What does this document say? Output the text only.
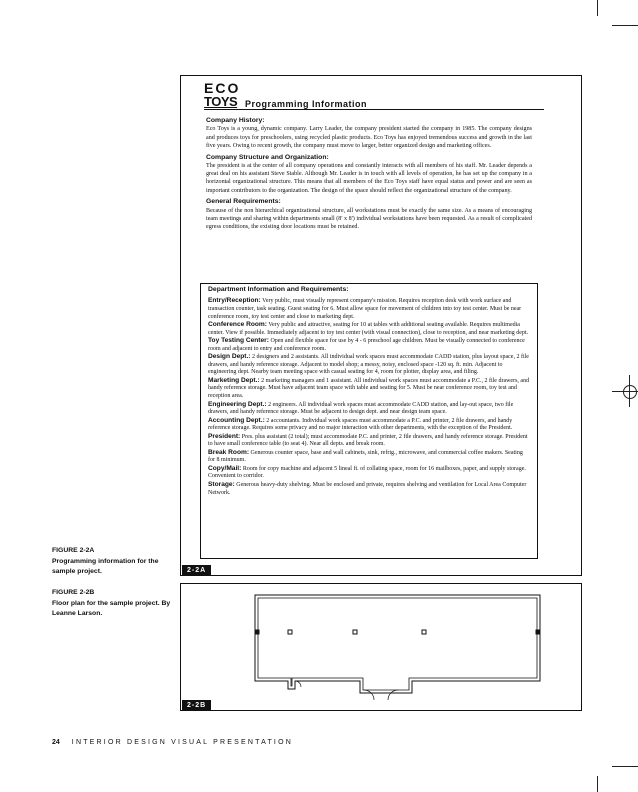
ECO
TOYS Programming Information
Company History:

Eco Toys is a young, dynamic company. Larry Leader, the company president started the company in 1985. The company designs and produces toys for preschoolers, using recycled plastic products. Eco Toys has enjoyed tremendous success and growth in the last five years. Owing to recent growth, the company must move to larger, better organized design and marketing offices.

Company Structure and Organization:

The president is at the center of all company operations and constantly interacts with all members of his staff. Mr. Leader depends a great deal on his assistant Steve Stable. Although Mr. Leader is in touch with all levels of operation, he has set up the company in a horizontal organizational structure. This means that all members of the Eco Toys staff have equal status and power and are seen as important contributors to the organization. The design of the space should reflect the organizational structure of the company.

General Requirements:

Because of the non hierarchical organizational structure, all workstations must be exactly the same size. As a means of encouraging team meetings and sharing within departments small (8' x 8') individual workstations have been requested. As a result of complicated egress conditions, the existing door locations must be retained.

Department Information and Requirements:

Entry/Reception: Very public, must visually represent company's mission. Requires reception desk with work surface and transaction counter, task seating. Guest seating for 6. Must allow space for movement of children into toy test center. Must be near conference room, toy test center and close to marketing dept.

Conference Room: Very public and attractive, seating for 10 at tables with additional seating available. Requires multimedia center. View if possible. Immediately adjacent to toy test center (with visual connection), close to reception, and near marketing dept.

Toy Testing Center: Open and flexible space for use by 4 - 6 preschool age children. Must be visually connected to conference room and adjacent to entry and conference room.

Design Dept.: 2 designers and 2 assistants. All individual work spaces must accommodate CADD station, plus layout space, 2 file drawers, and handy reference storage. Adjacent to model shop; a messy, noisy, enclosed space -120 sq. ft. min. Adjacent to engineering dept. Nearby team meeting space with casual seating for 4, room for plotter, display area, and filing.

Marketing Dept.: 2 marketing managers and 1 assistant. All individual work spaces must accommodate a P.C., 2 file drawers, and handy reference storage. Must have adjacent team space with table and seating for 5. Must be near conference room, toy test and reception area.

Engineering Dept.: 2 engineers. All individual work spaces must accommodate CADD station, and lay-out space, two file drawers, and handy reference storage. Must be adjacent to design dept. and near design team space.

Accounting Dept.: 2 accountants. Individual work spaces must accommodate a P.C. and printer, 2 file drawers, and handy reference storage. Requires some privacy and no major interaction with other departments, with the exception of the President.

President: Pres. plus assistant (2 total); must accommodate P.C. and printer, 2 file drawers, and handy reference storage. President to have small conference table (to seat 4). Near all depts. and break room.

Break Room: Generous counter space, base and wall cabinets, sink, refrig., microwave, and commercial coffee makers. Seating for 8 minimum.

Copy/Mail: Room for copy machine and adjacent 5 lineal ft. of collating space, room for 16 mailboxes, paper, and supply storage. Convenient to corridor.

Storage: Generous heavy-duty shelving. Must be enclosed and private, requires shelving and ventilation for Local Area Computer Network.

2-2A
2-2B
FIGURE 2-2A
Programming information for the sample project.
FIGURE 2-2B
Floor plan for the sample project. By Leanne Larson.
24 INTERIOR DESIGN VISUAL PRESENTATION
